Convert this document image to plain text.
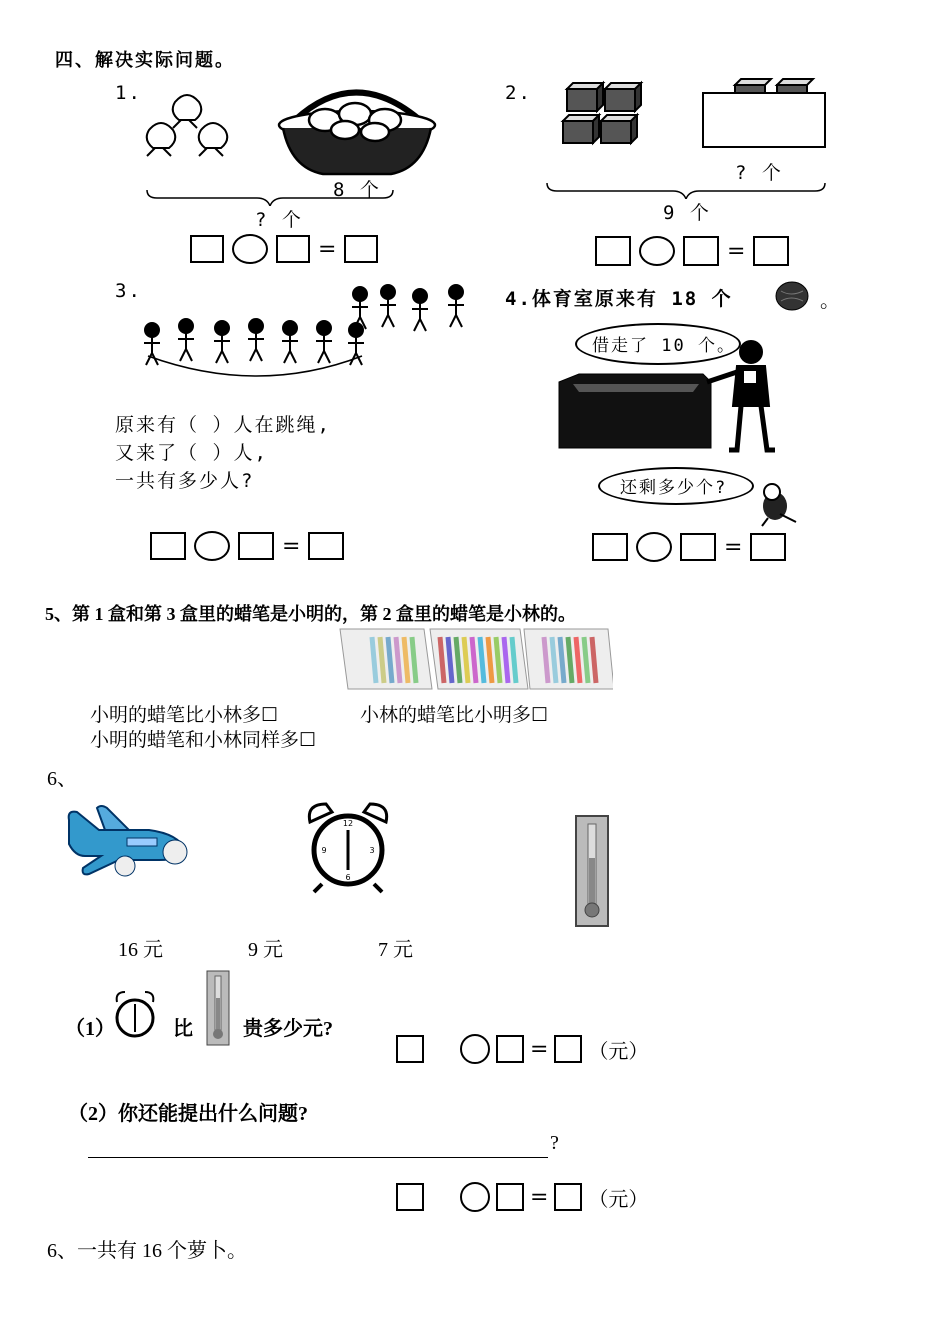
四、解决实际问题。
1.
8 个
? 个
=
2.
? 个
9 个
=
3.
原来有（ ）人在跳绳,
又来了（ ）人,
一共有多少人?
=
4.体育室原来有 18 个	。
借走了 10 个。
还剩多少个?
=
5、第 1 盒和第 3 盒里的蜡笔是小明的，第 2 盒里的蜡笔是小林的。
小明的蜡笔比小林多☐	小林的蜡笔比小明多☐
小明的蜡笔和小林同样多☐
6、
12
3
6
9
16 元	9 元	7 元
（1）	比	贵多少元?
= （元）
（2）你还能提出什么问题?
?
= （元）
6、一共有 16 个萝卜。
